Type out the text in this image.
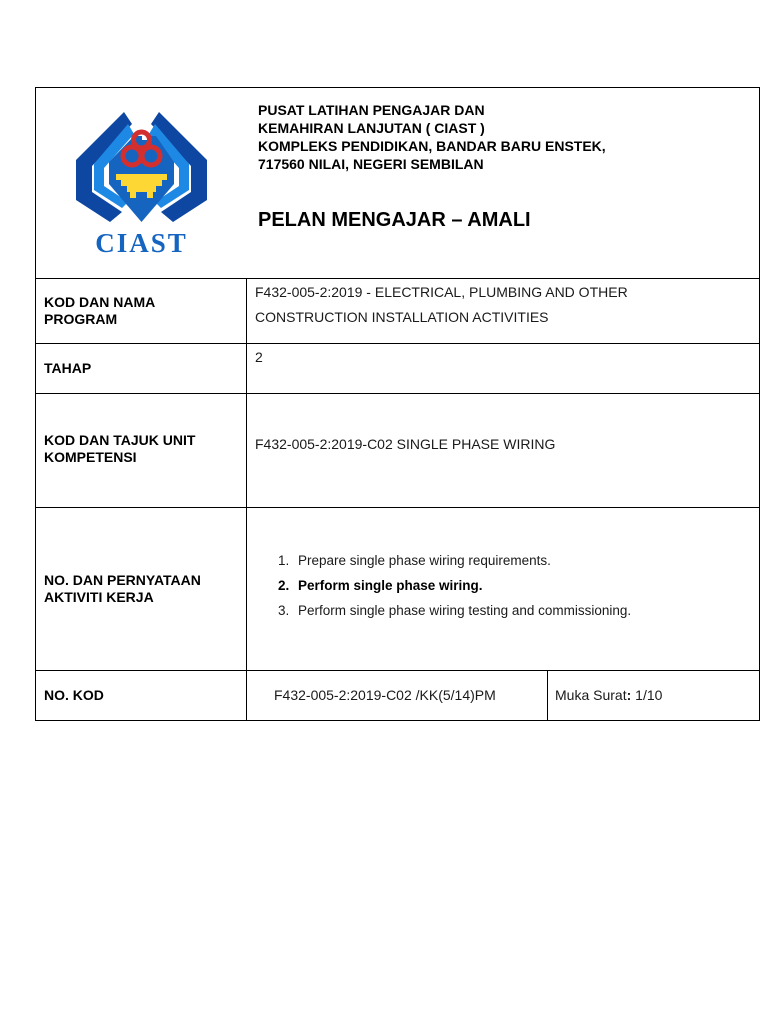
CIAST
PUSAT LATIHAN PENGAJAR DAN
KEMAHIRAN LANJUTAN ( CIAST )
KOMPLEKS PENDIDIKAN, BANDAR BARU ENSTEK,
717560 NILAI, NEGERI SEMBILAN
PELAN MENGAJAR – AMALI
KOD DAN NAMA
PROGRAM
F432-005-2:2019 - ELECTRICAL, PLUMBING AND OTHER
CONSTRUCTION INSTALLATION ACTIVITIES
TAHAP
2
KOD DAN TAJUK UNIT
KOMPETENSI
F432-005-2:2019-C02 SINGLE PHASE WIRING
NO. DAN PERNYATAAN
AKTIVITI KERJA
1. Prepare single phase wiring requirements.
2. Perform single phase wiring.
3. Perform single phase wiring testing and commissioning.
NO. KOD	F432-005-2:2019-C02 /KK(5/14)PM	Muka Surat: 1/10
